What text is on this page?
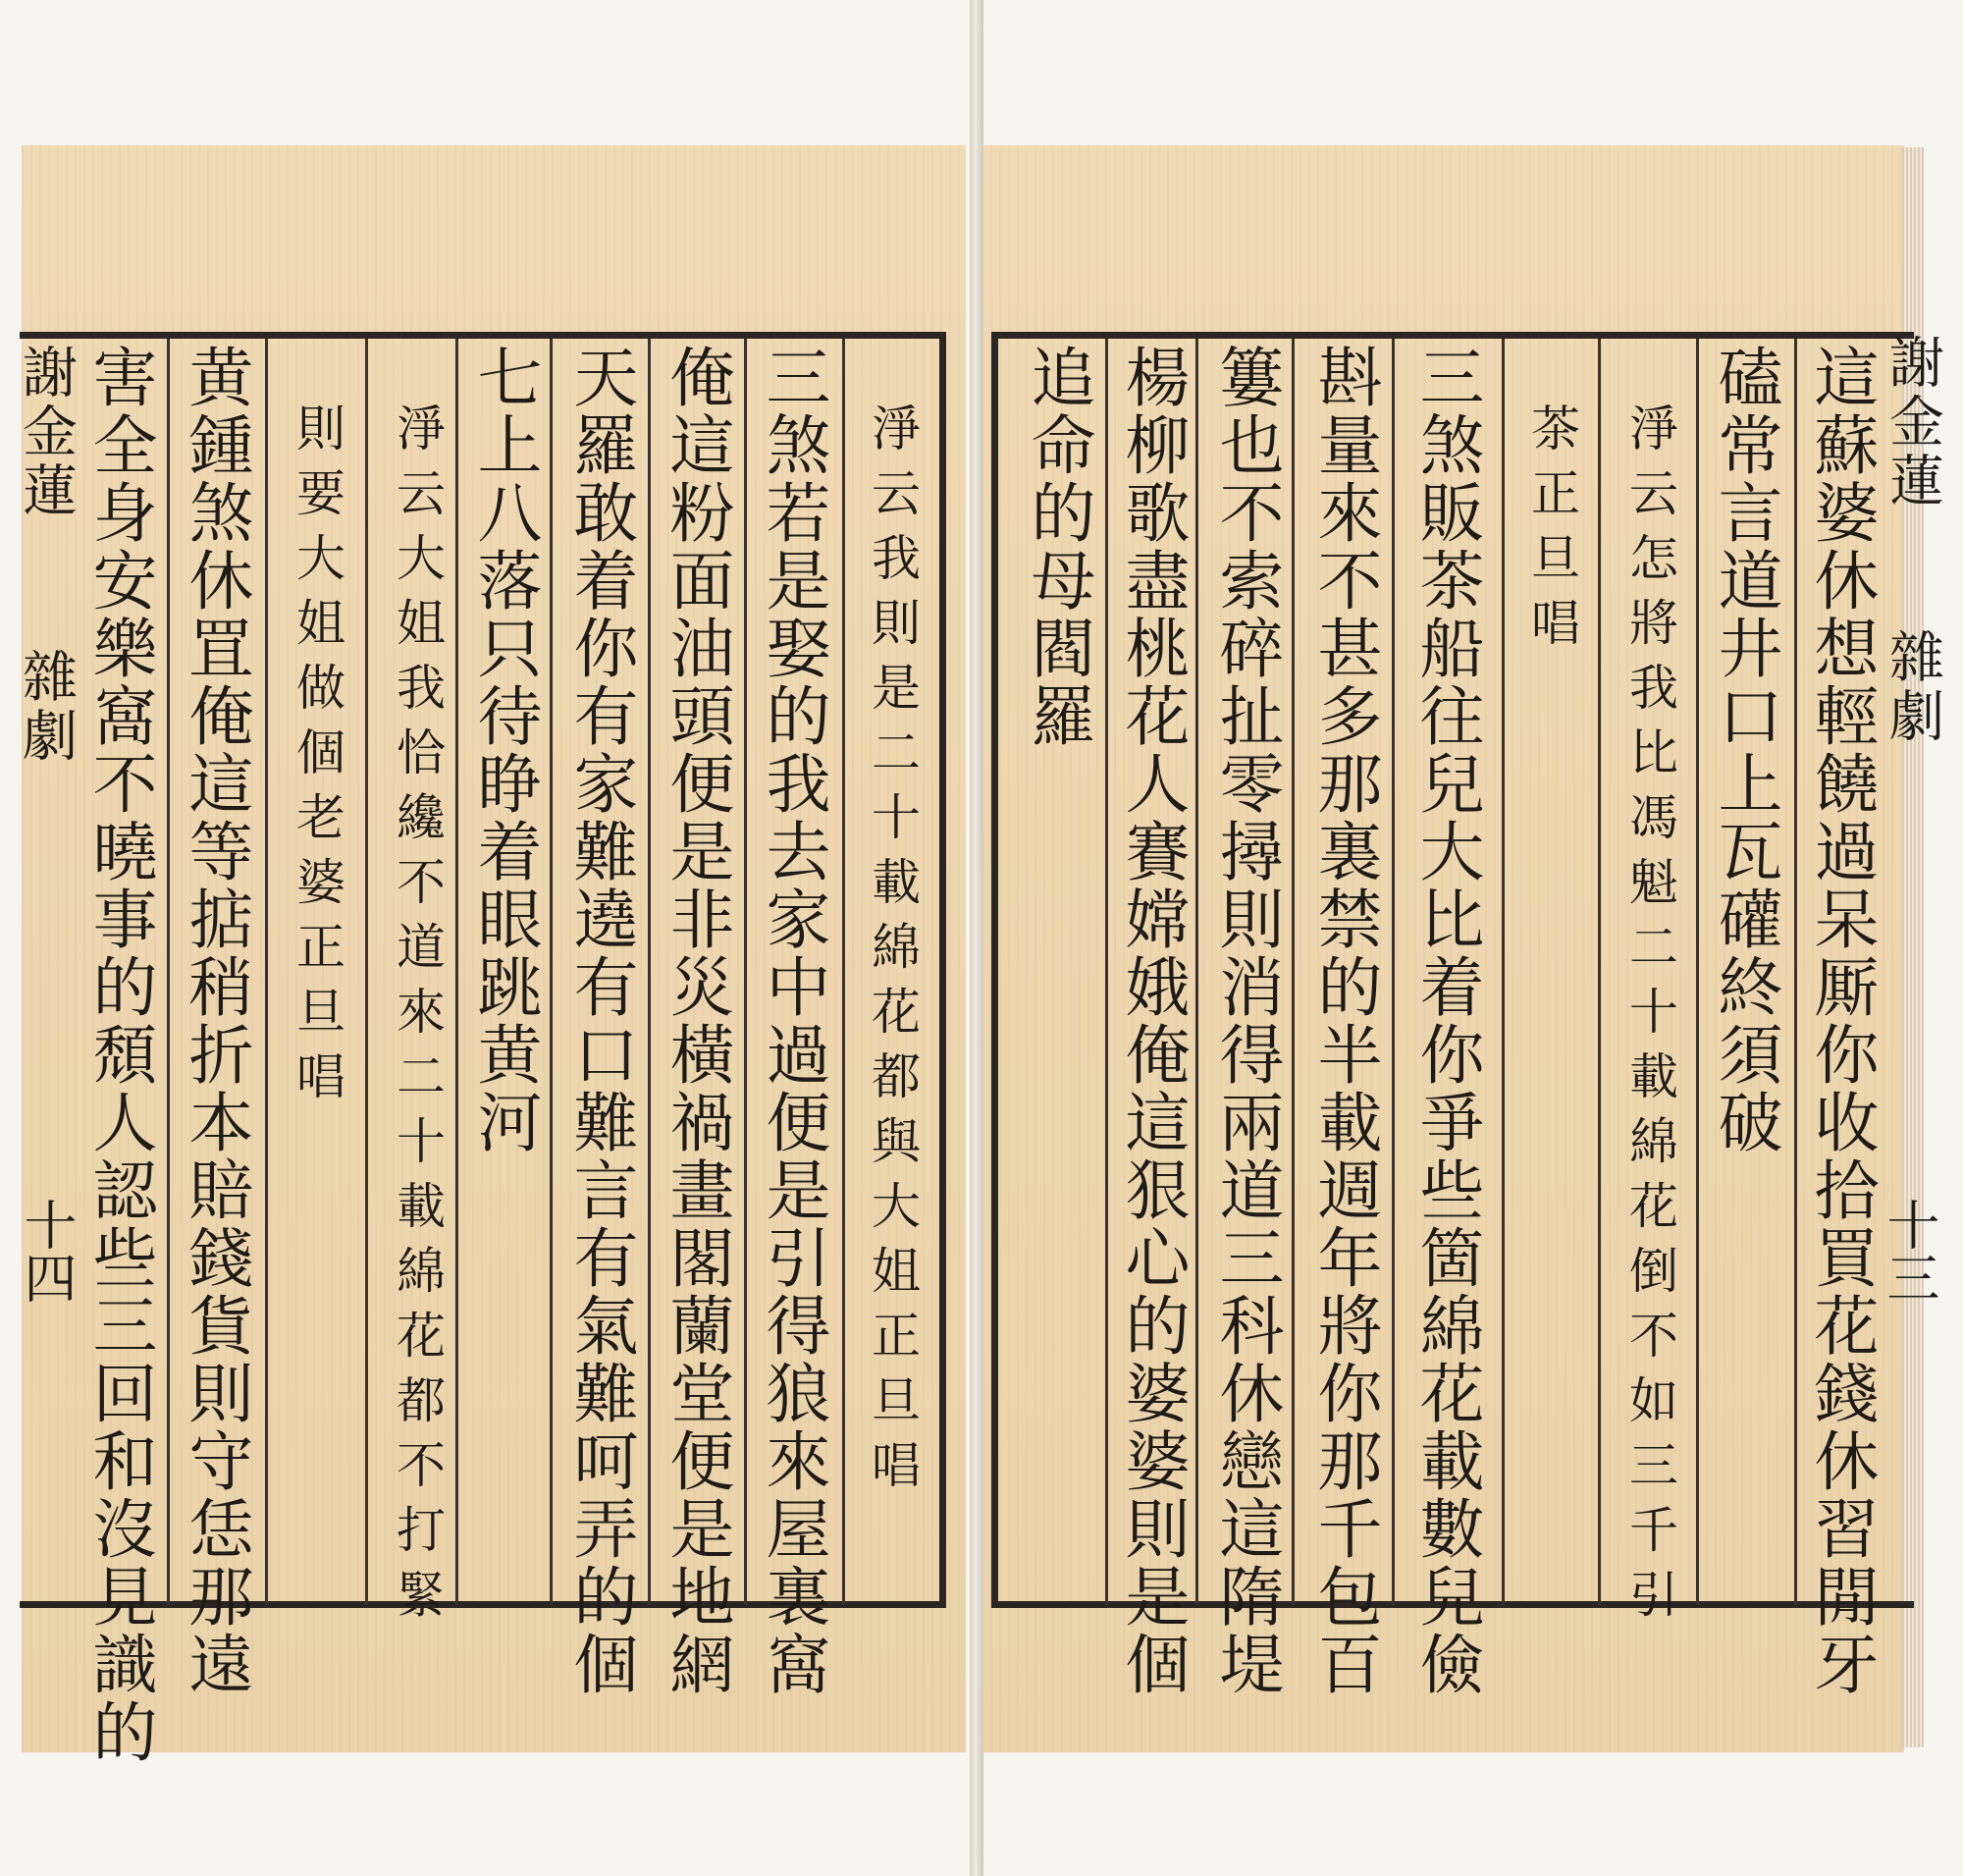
謝金蓮
雜劇
十四 害全身安樂窩不曉事的頹人認些三回和沒見識的 黄鍾煞休罝俺這等掂稍折本賠錢貨則守恁那遠 則要大姐做個老婆正旦唱 淨云大姐我恰纔不道來二十載綿花都不打緊 七上八落只待睁着眼跳黄河 天羅敢着你有家難遶有口難言有氣難呵弄的個 俺這粉面油頭便是非災橫禍畫閣蘭堂便是地網 三煞若是娶的我去家中過便是引得狼來屋裏窩 淨云我則是二十載綿花都與大姐正旦唱 追命的母閻羅 楊柳歌盡桃花人賽嫦娥俺這狠心的婆婆則是個 簍也不索碎扯零撏則消得兩道三科休戀這隋堤 斟量來不甚多那裏禁的半載週年將你那千包百 三煞販茶船往兒大比着你爭些箇綿花載數兒儉 茶正旦唱 淨云怎將我比馮魁二十載綿花倒不如三千引 磕常言道井口上瓦礶終須破 這蘇婆休想輕饒過呆厮你收拾買花錢休習閒牙 謝金蓮
雜劇
十三
